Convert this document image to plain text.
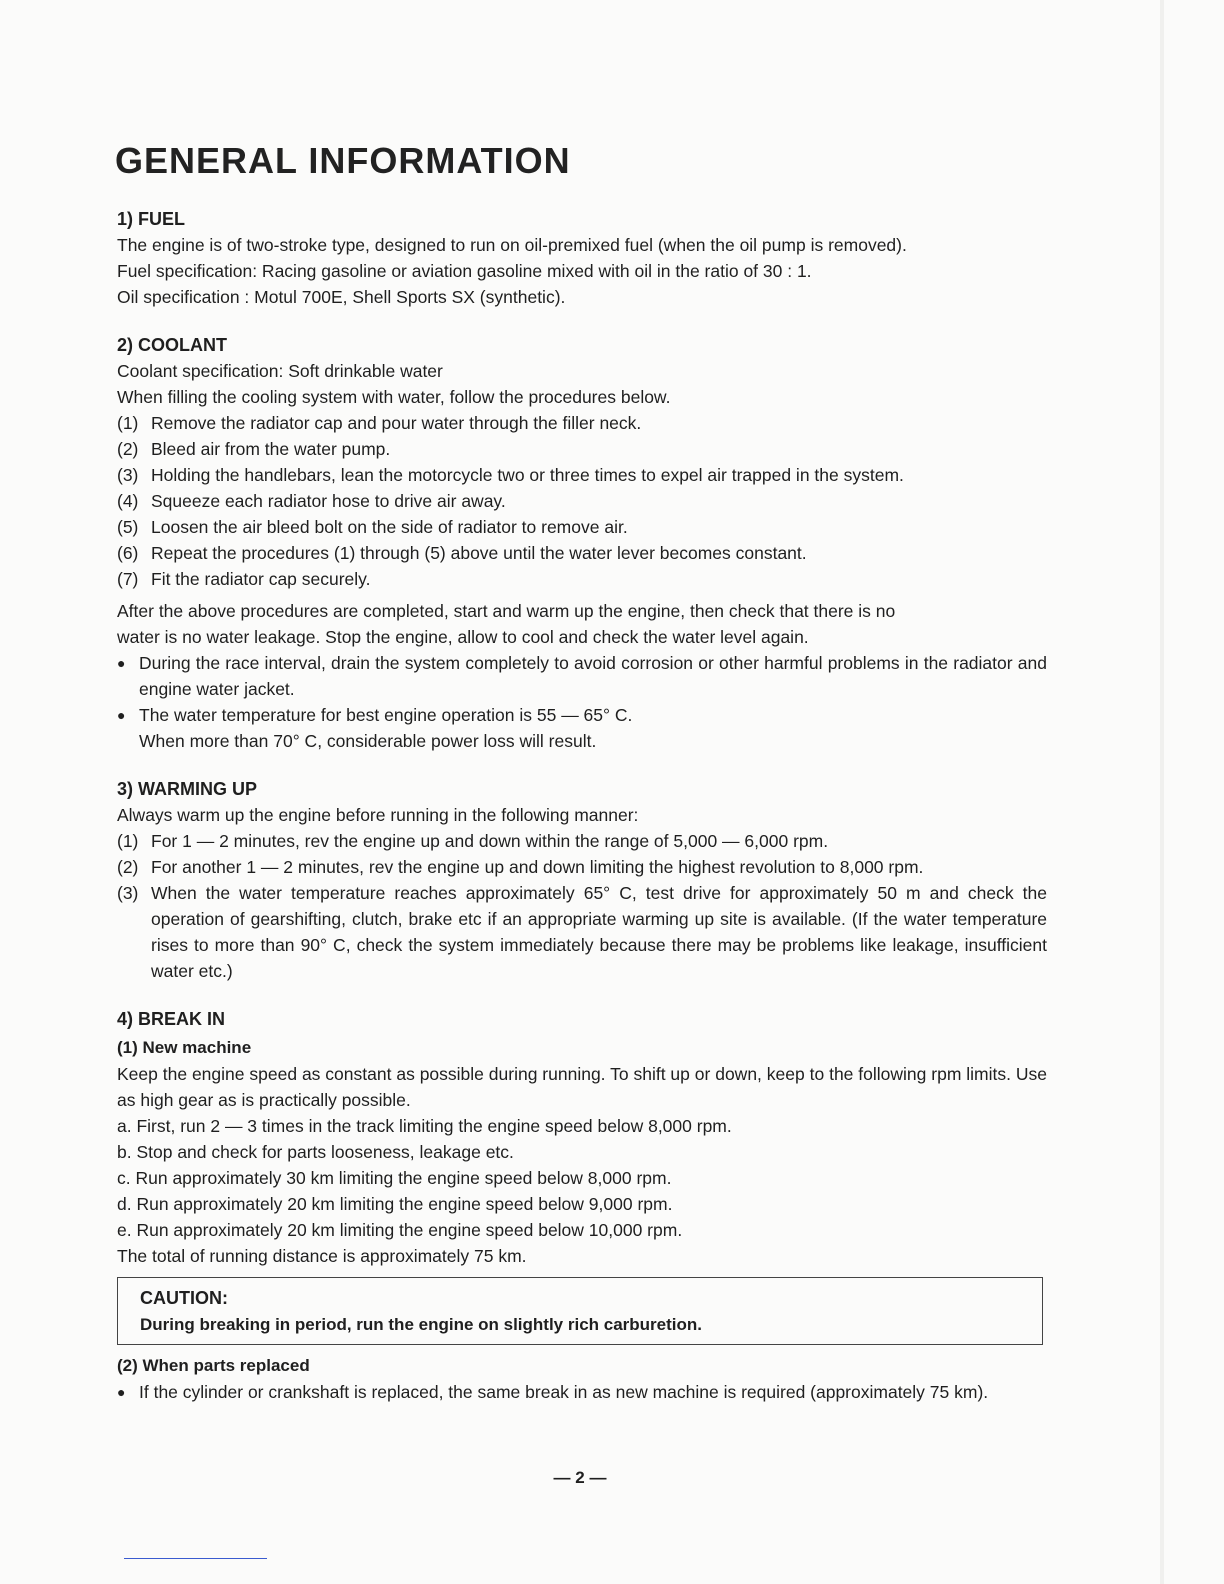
GENERAL INFORMATION

1) FUEL

The engine is of two-stroke type, designed to run on oil-premixed fuel (when the oil pump is removed).

Fuel specification: Racing gasoline or aviation gasoline mixed with oil in the ratio of 30 : 1.

Oil specification : Motul 700E, Shell Sports SX (synthetic).

2) COOLANT

Coolant specification: Soft drinkable water

When filling the cooling system with water, follow the procedures below.

(1) Remove the radiator cap and pour water through the filler neck.
(2) Bleed air from the water pump.
(3) Holding the handlebars, lean the motorcycle two or three times to expel air trapped in the system.
(4) Squeeze each radiator hose to drive air away.
(5) Loosen the air bleed bolt on the side of radiator to remove air.
(6) Repeat the procedures (1) through (5) above until the water lever becomes constant.
(7) Fit the radiator cap securely.

After the above procedures are completed, start and warm up the engine, then check that there is no

water is no water leakage. Stop the engine, allow to cool and check the water level again.

● During the race interval, drain the system completely to avoid corrosion or other harmful problems in the radiator and engine water jacket.
● The water temperature for best engine operation is 55 — 65° C.

When more than 70° C, considerable power loss will result.

3) WARMING UP

Always warm up the engine before running in the following manner:

(1) For 1 — 2 minutes, rev the engine up and down within the range of 5,000 — 6,000 rpm.
(2) For another 1 — 2 minutes, rev the engine up and down limiting the highest revolution to 8,000 rpm.
(3) When the water temperature reaches approximately 65° C, test drive for approximately 50 m and check the operation of gearshifting, clutch, brake etc if an appropriate warming up site is available. (If the water temperature rises to more than 90° C, check the system immediately because there may be problems like leakage, insufficient water etc.)

4) BREAK IN

(1) New machine

Keep the engine speed as constant as possible during running. To shift up or down, keep to the following rpm limits. Use as high gear as is practically possible.

a. First, run 2 — 3 times in the track limiting the engine speed below 8,000 rpm.

b. Stop and check for parts looseness, leakage etc.

c. Run approximately 30 km limiting the engine speed below 8,000 rpm.

d. Run approximately 20 km limiting the engine speed below 9,000 rpm.

e. Run approximately 20 km limiting the engine speed below 10,000 rpm.

The total of running distance is approximately 75 km.

CAUTION:
During breaking in period, run the engine on slightly rich carburetion.

(2) When parts replaced

● If the cylinder or crankshaft is replaced, the same break in as new machine is required (approximately 75 km).
— 2 —
